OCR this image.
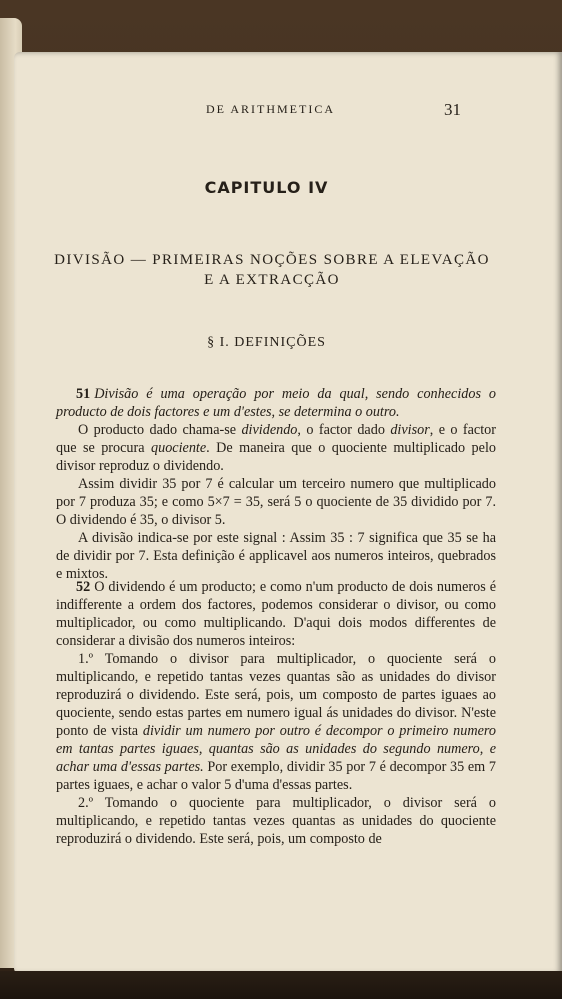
DE ARITHMETICA	31
CAPITULO IV
DIVISÃO — PRIMEIRAS NOÇÕES SOBRE A ELEVAÇÃO
E A EXTRACÇÃO
§ I. DEFINIÇÕES

51 Divisão é uma operação por meio da qual, sendo conhecidos o producto de dois factores e um d'estes, se determina o outro.

O producto dado chama-se dividendo, o factor dado divisor, e o factor que se procura quociente. De maneira que o quociente multiplicado pelo divisor reproduz o dividendo.

Assim dividir 35 por 7 é calcular um terceiro numero que multiplicado por 7 produza 35; e como 5×7 = 35, será 5 o quociente de 35 dividido por 7. O dividendo é 35, o divisor 5.

A divisão indica-se por este signal : Assim 35 : 7 significa que 35 se ha de dividir por 7. Esta definição é applicavel aos numeros inteiros, quebrados e mixtos.

52 O dividendo é um producto; e como n'um producto de dois numeros é indifferente a ordem dos factores, podemos considerar o divisor, ou como multiplicador, ou como multiplicando. D'aqui dois modos differentes de considerar a divisão dos numeros inteiros:

1.º Tomando o divisor para multiplicador, o quociente será o multiplicando, e repetido tantas vezes quantas são as unidades do divisor reproduzirá o dividendo. Este será, pois, um composto de partes iguaes ao quociente, sendo estas partes em numero igual ás unidades do divisor. N'este ponto de vista dividir um numero por outro é decompor o primeiro numero em tantas partes iguaes, quantas são as unidades do segundo numero, e achar uma d'essas partes. Por exemplo, dividir 35 por 7 é decompor 35 em 7 partes iguaes, e achar o valor 5 d'uma d'essas partes.

2.º Tomando o quociente para multiplicador, o divisor será o multiplicando, e repetido tantas vezes quantas as unidades do quociente reproduzirá o dividendo. Este será, pois, um composto de
